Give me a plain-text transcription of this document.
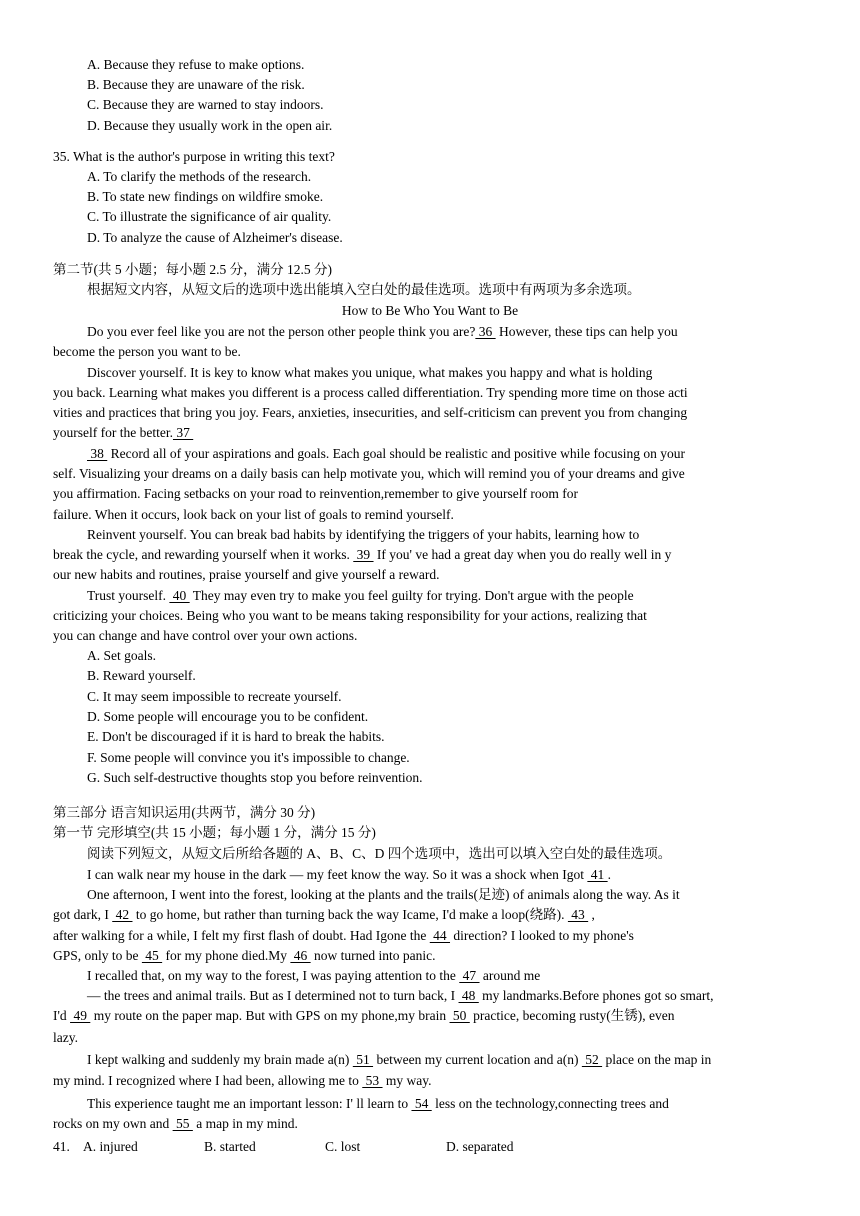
A. Because they refuse to make options.
B. Because they are unaware of the risk.
C. Because they are warned to stay indoors.
D. Because they usually work in the open air.
35. What is the author's purpose in writing this text?
A. To clarify the methods of the research.
B. To state new findings on wildfire smoke.
C. To illustrate the significance of air quality.
D. To analyze the cause of Alzheimer's disease.
第二节(共 5 小题；每小题 2.5 分，满分 12.5 分)
根据短文内容，从短文后的选项中选出能填入空白处的最佳选项。选项中有两项为多余选项。
How to Be Who You Want to Be
Do you ever feel like you are not the person other people think you are? 36  However, these tips can help you
become the person you want to be.
Discover yourself. It is key to know what makes you unique, what makes you happy and what is holding
you back. Learning what makes you different is a process called differentiation. Try spending more time on those acti
vities and practices that bring you joy. Fears, anxieties, insecurities, and self-criticism can prevent you from changing
yourself for the better. 37
38  Record all of your aspirations and goals. Each goal should be realistic and positive while focusing on your
self. Visualizing your dreams on a daily basis can help motivate you, which will remind you of your dreams and give
you affirmation. Facing setbacks on your road to reinvention,remember to give yourself room for
failure. When it occurs, look back on your list of goals to remind yourself.
Reinvent yourself. You can break bad habits by identifying the triggers of your habits, learning how to
break the cycle, and rewarding yourself when it works.  39  If you' ve had a great day when you do really well in y
our new habits and routines, praise yourself and give yourself a reward.
Trust yourself.  40  They may even try to make you feel guilty for trying. Don't argue with the people
criticizing your choices. Being who you want to be means taking responsibility for your actions, realizing that
you can change and have control over your own actions.
A. Set goals.
B. Reward yourself.
C. It may seem impossible to recreate yourself.
D. Some people will encourage you to be confident.
E. Don't be discouraged if it is hard to break the habits.
F. Some people will convince you it's impossible to change.
G. Such self-destructive thoughts stop you before reinvention.
第三部分 语言知识运用(共两节，满分 30 分)
第一节 完形填空(共 15 小题；每小题 1 分，满分 15 分)
阅读下列短文，从短文后所给各题的 A、B、C、D 四个选项中，选出可以填入空白处的最佳选项。
I can walk near my house in the dark — my feet know the way. So it was a shock when Igot  41 .
One afternoon, I went into the forest, looking at the plants and the trails(足迹) of animals along the way. As it
got dark, I  42  to go home, but rather than turning back the way Icame, I'd make a loop(绕路).  43  ,
after walking for a while, I felt my first flash of doubt. Had Igone the  44  direction? I looked to my phone's
GPS, only to be  45  for my phone died.My  46  now turned into panic.
I recalled that, on my way to the forest, I was paying attention to the  47  around me
— the trees and animal trails. But as I determined not to turn back, I  48  my landmarks.Before phones got so smart,
I'd  49  my route on the paper map. But with GPS on my phone,my brain  50  practice, becoming rusty(生锈), even
lazy.
I kept walking and suddenly my brain made a(n)  51  between my current location and a(n)  52  place on the map in
my mind. I recognized where I had been, allowing me to  53  my way.
This experience taught me an important lesson: I' ll learn to  54  less on the technology,connecting trees and
rocks on my own and  55  a map in my mind.
41. A. injured	B. started	C. lost	D. separated
